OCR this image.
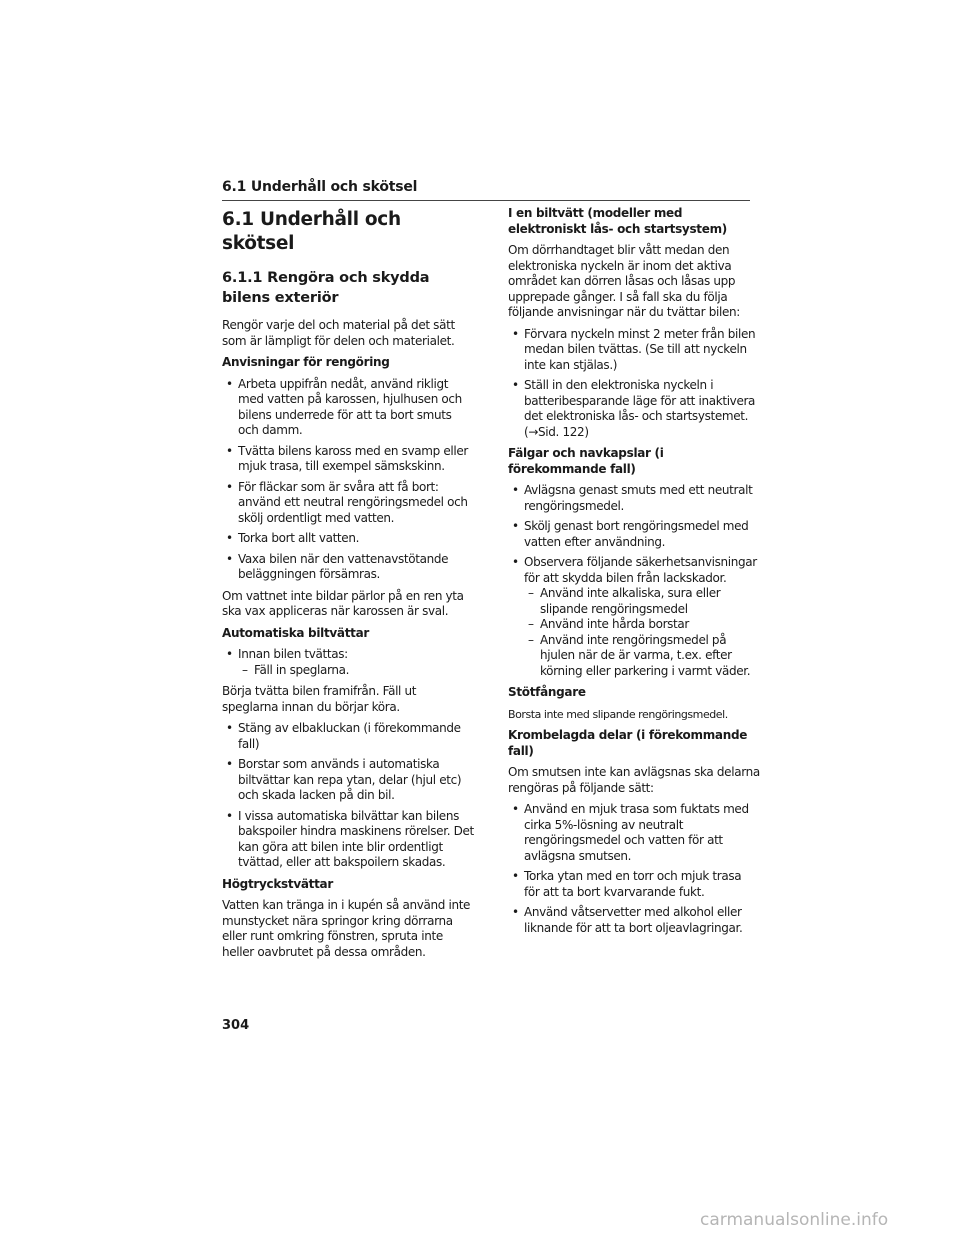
6.1 Underhåll och skötsel
6.1 Underhåll och skötsel
6.1.1 Rengöra och skydda bilens exteriör

Rengör varje del och material på det sätt som är lämpligt för delen och materialet.

Anvisningar för rengöring
• Arbeta uppifrån nedåt, använd rikligt med vatten på karossen, hjulhusen och bilens underrede för att ta bort smuts och damm.
• Tvätta bilens kaross med en svamp eller mjuk trasa, till exempel sämskskinn.
• För fläckar som är svåra att få bort: använd ett neutral rengöringsmedel och skölj ordentligt med vatten.
• Torka bort allt vatten.
• Vaxa bilen när den vattenavstötande beläggningen försämras.

Om vattnet inte bildar pärlor på en ren yta ska vax appliceras när karossen är sval.

Automatiska biltvättar
• Innan bilen tvättas:
– Fäll in speglarna.

Börja tvätta bilen framifrån. Fäll ut speglarna innan du börjar köra.

• Stäng av elbakluckan (i förekommande fall)
• Borstar som används i automatiska biltvättar kan repa ytan, delar (hjul etc) och skada lacken på din bil.
• I vissa automatiska bilvättar kan bilens bakspoiler hindra maskinens rörelser. Det kan göra att bilen inte blir ordentligt tvättad, eller att bakspoilern skadas.
Högtryckstvättar

Vatten kan tränga in i kupén så använd inte munstycket nära springor kring dörrarna eller runt omkring fönstren, spruta inte heller oavbrutet på dessa områden.

I en biltvätt (modeller med elektroniskt lås- och startsystem)

Om dörrhandtaget blir vått medan den elektroniska nyckeln är inom det aktiva området kan dörren låsas och låsas upp upprepade gånger. I så fall ska du följa följande anvisningar när du tvättar bilen:

• Förvara nyckeln minst 2 meter från bilen medan bilen tvättas. (Se till att nyckeln inte kan stjälas.)
• Ställ in den elektroniska nyckeln i batteribesparande läge för att inaktivera det elektroniska lås- och startsystemet. (→Sid. 122)
Fälgar och navkapslar (i förekommande fall)
• Avlägsna genast smuts med ett neutralt rengöringsmedel.
• Skölj genast bort rengöringsmedel med vatten efter användning.
• Observera följande säkerhetsanvisningar för att skydda bilen från lackskador.
– Använd inte alkaliska, sura eller slipande rengöringsmedel
– Använd inte hårda borstar
– Använd inte rengöringsmedel på hjulen när de är varma, t.ex. efter körning eller parkering i varmt väder.
Stötfångare

Borsta inte med slipande rengöringsmedel.

Krombelagda delar (i förekommande fall)

Om smutsen inte kan avlägsnas ska delarna rengöras på följande sätt:

• Använd en mjuk trasa som fuktats med cirka 5%-lösning av neutralt rengöringsmedel och vatten för att avlägsna smutsen.
• Torka ytan med en torr och mjuk trasa för att ta bort kvarvarande fukt.
• Använd våtservetter med alkohol eller liknande för att ta bort oljeavlagringar.
304
carmanualsonline.info
